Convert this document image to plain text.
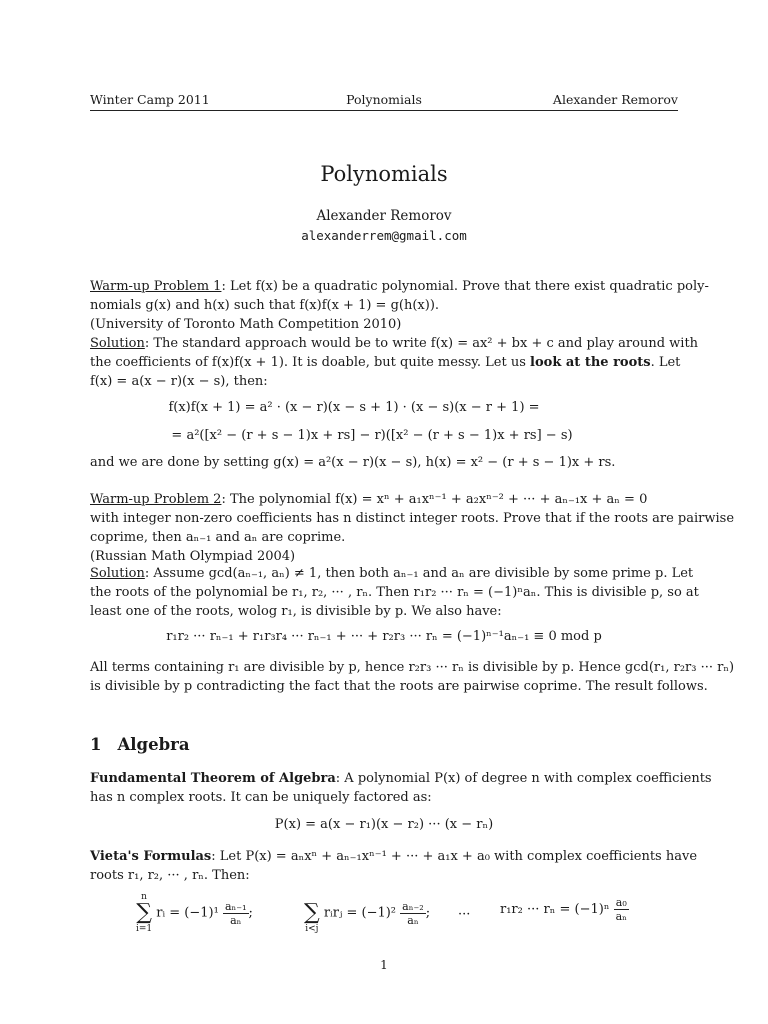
Winter Camp 2011	Polynomials	Alexander Remorov
Polynomials
Alexander Remorov
alexanderrem@gmail.com
Warm-up Problem 1: Let f(x) be a quadratic polynomial. Prove that there exist quadratic poly-
nomials g(x) and h(x) such that f(x)f(x + 1) = g(h(x)).
(University of Toronto Math Competition 2010)
Solution: The standard approach would be to write f(x) = ax² + bx + c and play around with
the coefficients of f(x)f(x + 1). It is doable, but quite messy. Let us look at the roots. Let
f(x) = a(x − r)(x − s), then:
f(x)f(x + 1) = a² · (x − r)(x − s + 1) · (x − s)(x − r + 1) =
= a²([x² − (r + s − 1)x + rs] − r)([x² − (r + s − 1)x + rs] − s)
and we are done by setting g(x) = a²(x − r)(x − s), h(x) = x² − (r + s − 1)x + rs.
Warm-up Problem 2: The polynomial f(x) = xⁿ + a₁xⁿ⁻¹ + a₂xⁿ⁻² + ··· + aₙ₋₁x + aₙ = 0
with integer non-zero coefficients has n distinct integer roots. Prove that if the roots are pairwise
coprime, then aₙ₋₁ and aₙ are coprime.
(Russian Math Olympiad 2004)
Solution: Assume gcd(aₙ₋₁, aₙ) ≠ 1, then both aₙ₋₁ and aₙ are divisible by some prime p. Let
the roots of the polynomial be r₁, r₂, ··· , rₙ. Then r₁r₂ ··· rₙ = (−1)ⁿaₙ. This is divisible p, so at
least one of the roots, wolog r₁, is divisible by p. We also have:
r₁r₂ ··· rₙ₋₁ + r₁r₃r₄ ··· rₙ₋₁ + ··· + r₂r₃ ··· rₙ = (−1)ⁿ⁻¹aₙ₋₁ ≡ 0 mod p
All terms containing r₁ are divisible by p, hence r₂r₃ ··· rₙ is divisible by p. Hence gcd(r₁, r₂r₃ ··· rₙ)
is divisible by p contradicting the fact that the roots are pairwise coprime. The result follows.
1 Algebra
Fundamental Theorem of Algebra: A polynomial P(x) of degree n with complex coefficients
has n complex roots. It can be uniquely factored as:
P(x) = a(x − r₁)(x − r₂) ··· (x − rₙ)
Vieta's Formulas: Let P(x) = aₙxⁿ + aₙ₋₁xⁿ⁻¹ + ··· + a₁x + a₀ with complex coefficients have
roots r₁, r₂, ··· , rₙ. Then:
n
∑
i=1 rᵢ = $(-1)^1 \frac{\text{aₙ₋₁}}{\text{aₙ}}$ ;
∑
i<j rᵢrⱼ = $(-1)^2 \frac{\text{aₙ₋₂}}{\text{aₙ}}$ ; ··· r₁r₂ ··· $r_n = (-1)^n \frac{\text{a₀}}{\text{aₙ}}$
1
